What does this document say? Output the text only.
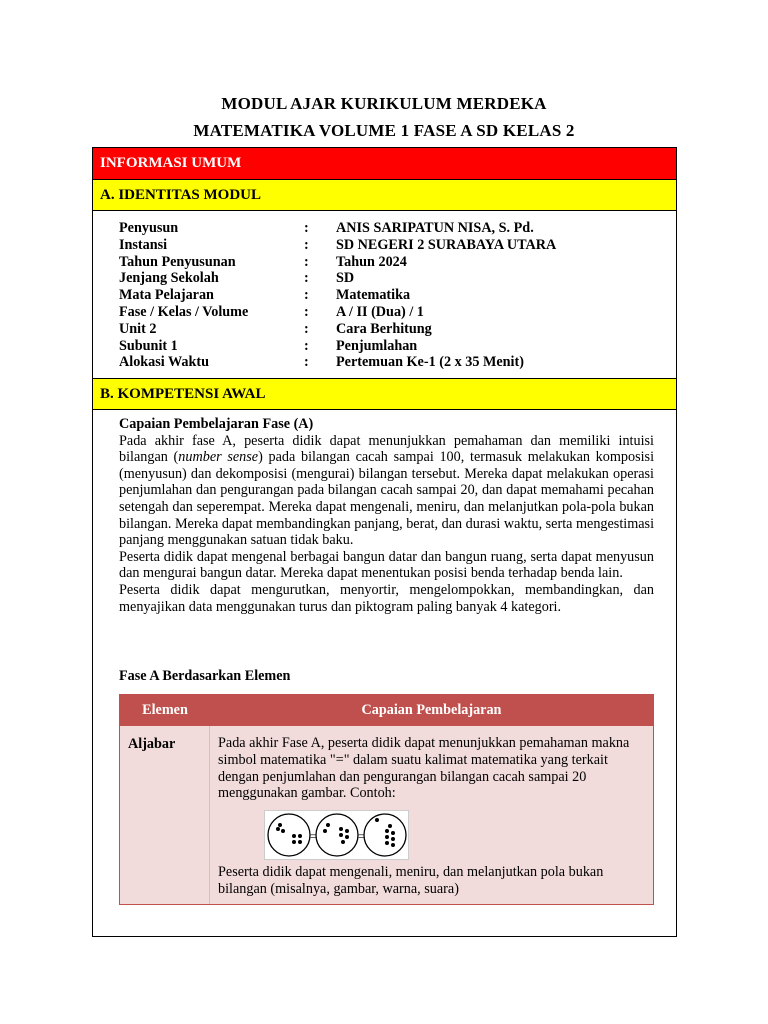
MODUL AJAR KURIKULUM MERDEKA
MATEMATIKA VOLUME 1 FASE A SD KELAS 2
INFORMASI UMUM
A. IDENTITAS MODUL
Penyusun	:	ANIS SARIPATUN NISA, S. Pd.
Instansi	:	SD NEGERI 2 SURABAYA UTARA
Tahun Penyusunan	:	Tahun 2024
Jenjang Sekolah	:	SD
Mata Pelajaran	:	Matematika
Fase / Kelas / Volume	:	A / II (Dua) / 1
Unit 2	:	Cara Berhitung
Subunit 1	:	Penjumlahan
Alokasi Waktu	:	Pertemuan Ke-1 (2 x 35 Menit)
B. KOMPETENSI AWAL
Capaian Pembelajaran Fase (A)

Pada akhir fase A, peserta didik dapat menunjukkan pemahaman dan memiliki intuisi bilangan (number sense) pada bilangan cacah sampai 100, termasuk melakukan komposisi (menyusun) dan dekomposisi (mengurai) bilangan tersebut. Mereka dapat melakukan operasi penjumlahan dan pengurangan pada bilangan cacah sampai 20, dan dapat memahami pecahan setengah dan seperempat. Mereka dapat mengenali, meniru, dan melanjutkan pola-pola bukan bilangan. Mereka dapat membandingkan panjang, berat, dan durasi waktu, serta mengestimasi panjang menggunakan satuan tidak baku.

Peserta didik dapat mengenal berbagai bangun datar dan bangun ruang, serta dapat menyusun dan mengurai bangun datar. Mereka dapat menentukan posisi benda terhadap benda lain.

Peserta didik dapat mengurutkan, menyortir, mengelompokkan, membandingkan, dan menyajikan data menggunakan turus dan piktogram paling banyak 4 kategori.

Fase A Berdasarkan Elemen
Elemen	Capaian Pembelajaran
Aljabar	Pada akhir Fase A, peserta didik dapat menunjukkan pemahaman makna simbol matematika "=" dalam suatu kalimat matematika yang terkait dengan penjumlahan dan pengurangan bilangan cacah sampai 20 menggunakan gambar. Contoh:

=	=
Peserta didik dapat mengenali, meniru, dan melanjutkan pola bukan bilangan (misalnya, gambar, warna, suara)
